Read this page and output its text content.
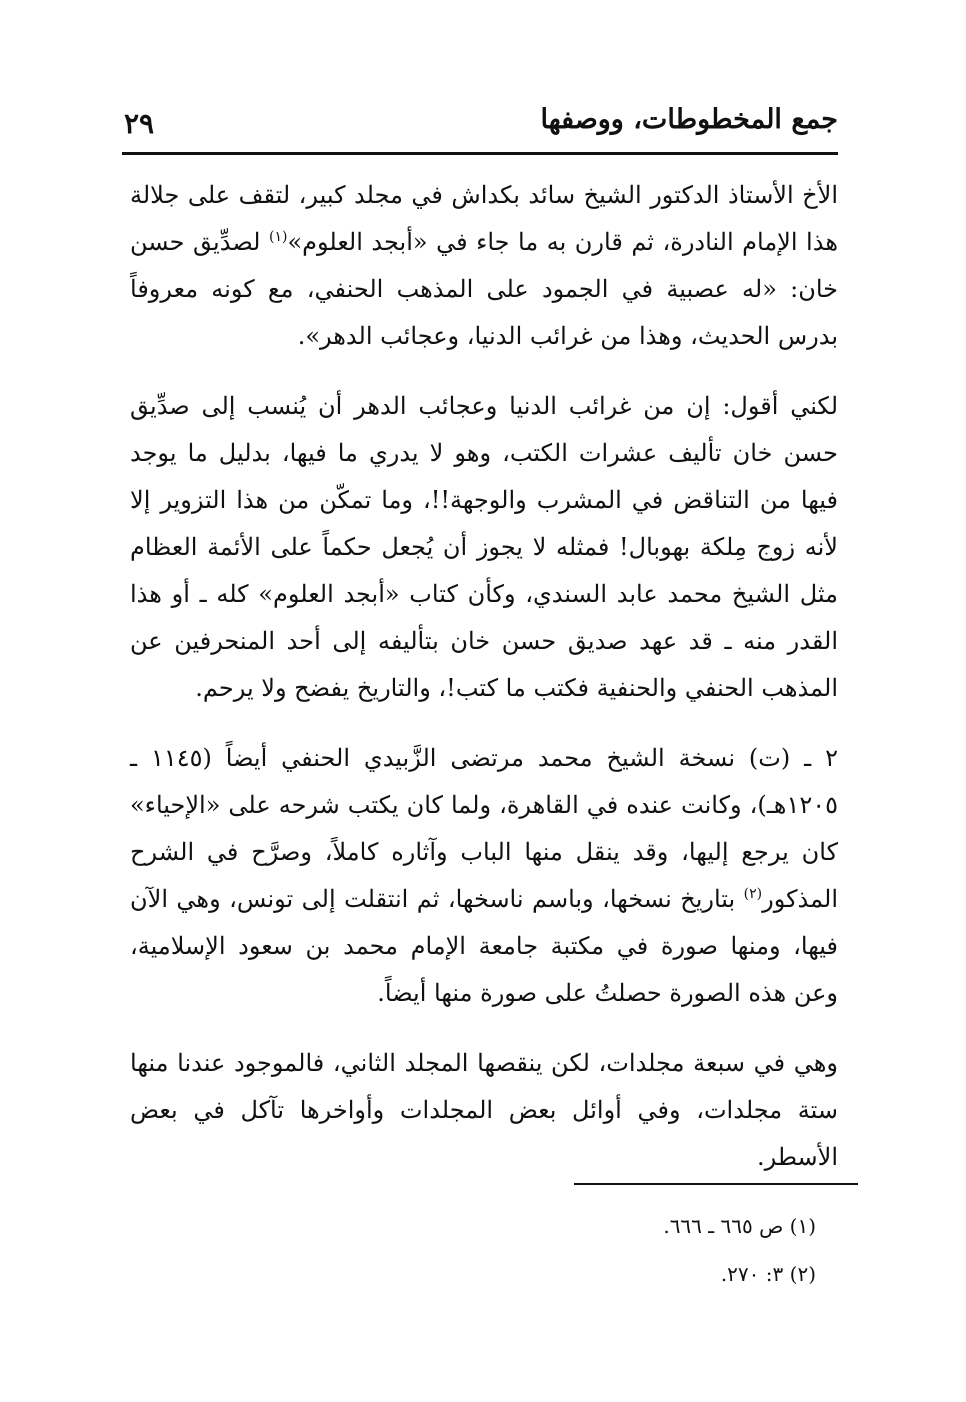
جمع المخطوطات، ووصفها
٢٩

الأخ الأستاذ الدكتور الشيخ سائد بكداش في مجلد كبير، لتقف على جلالة هذا الإمام النادرة، ثم قارن به ما جاء في «أبجد العلوم»$^{(١)}$ لصدِّيق حسن خان: «له عصبية في الجمود على المذهب الحنفي، مع كونه معروفاً بدرس الحديث، وهذا من غرائب الدنيا، وعجائب الدهر».

لكني أقول: إن من غرائب الدنيا وعجائب الدهر أن يُنسب إلى صدِّيق حسن خان تأليف عشرات الكتب، وهو لا يدري ما فيها، بدليل ما يوجد فيها من التناقض في المشرب والوجهة!!، وما تمكّن من هذا التزوير إلا لأنه زوج مِلكة بهوبال! فمثله لا يجوز أن يُجعل حكماً على الأئمة العظام مثل الشيخ محمد عابد السندي، وكأن كتاب «أبجد العلوم» كله ـ أو هذا القدر منه ـ قد عهد صديق حسن خان بتأليفه إلى أحد المنحرفين عن المذهب الحنفي والحنفية فكتب ما كتب!، والتاريخ يفضح ولا يرحم.

٢ ـ (ت) نسخة الشيخ محمد مرتضى الزَّبيدي الحنفي أيضاً (١١٤٥ ـ ١٢٠٥هـ)، وكانت عنده في القاهرة، ولما كان يكتب شرحه على «الإحياء» كان يرجع إليها، وقد ينقل منها الباب وآثاره كاملاً، وصرَّح في الشرح المذكور$^{(٢)}$ بتاريخ نسخها، وباسم ناسخها، ثم انتقلت إلى تونس، وهي الآن فيها، ومنها صورة في مكتبة جامعة الإمام محمد بن سعود الإسلامية، وعن هذه الصورة حصلتُ على صورة منها أيضاً.

وهي في سبعة مجلدات، لكن ينقصها المجلد الثاني، فالموجود عندنا منها ستة مجلدات، وفي أوائل بعض المجلدات وأواخرها تآكل في بعض الأسطر.

(١) ص ٦٦٥ ـ ٦٦٦.
(٢) ٣: ٢٧٠.
